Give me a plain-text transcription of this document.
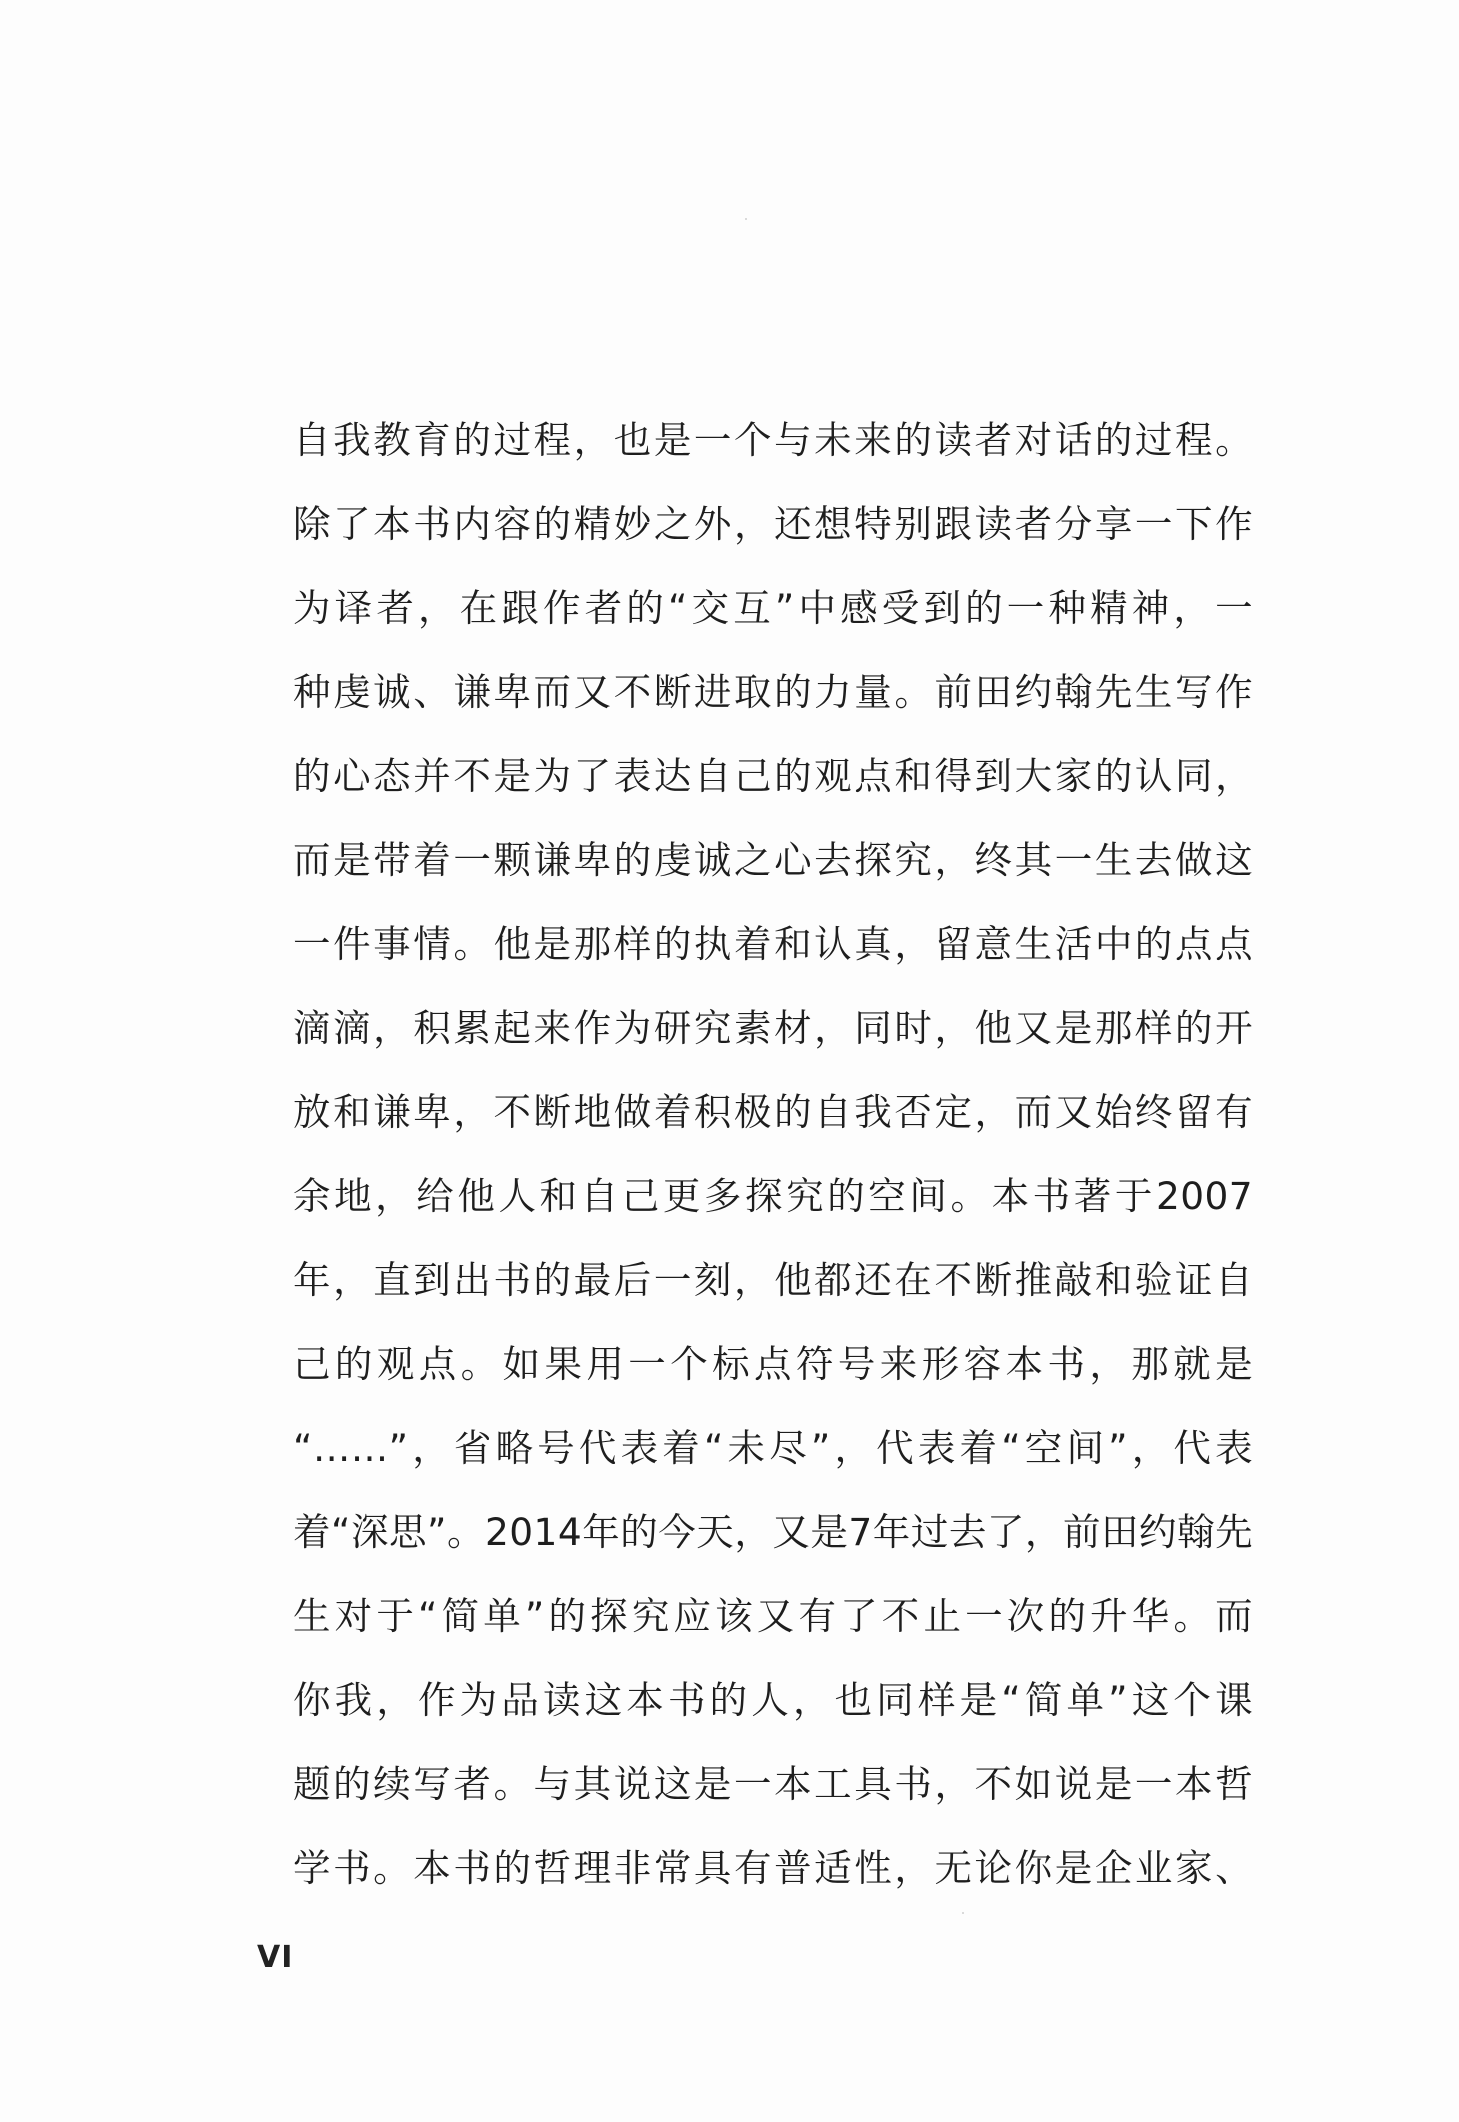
自我教育的过程，也是一个与未来的读者对话的过程。
除了本书内容的精妙之外，还想特别跟读者分享一下作
为译者，在跟作者的“交互”中感受到的一种精神，一
种虔诚、谦卑而又不断进取的力量。前田约翰先生写作
的心态并不是为了表达自己的观点和得到大家的认同，
而是带着一颗谦卑的虔诚之心去探究，终其一生去做这
一件事情。他是那样的执着和认真，留意生活中的点点
滴滴，积累起来作为研究素材，同时，他又是那样的开
放和谦卑，不断地做着积极的自我否定，而又始终留有
余地，给他人和自己更多探究的空间。本书著于2007
年，直到出书的最后一刻，他都还在不断推敲和验证自
己的观点。如果用一个标点符号来形容本书，那就是
“……”，省略号代表着“未尽”，代表着“空间”，代表
着“深思”。2014年的今天，又是7年过去了，前田约翰先
生对于“简单”的探究应该又有了不止一次的升华。而
你我，作为品读这本书的人，也同样是“简单”这个课
题的续写者。与其说这是一本工具书，不如说是一本哲
学书。本书的哲理非常具有普适性，无论你是企业家、
VI
